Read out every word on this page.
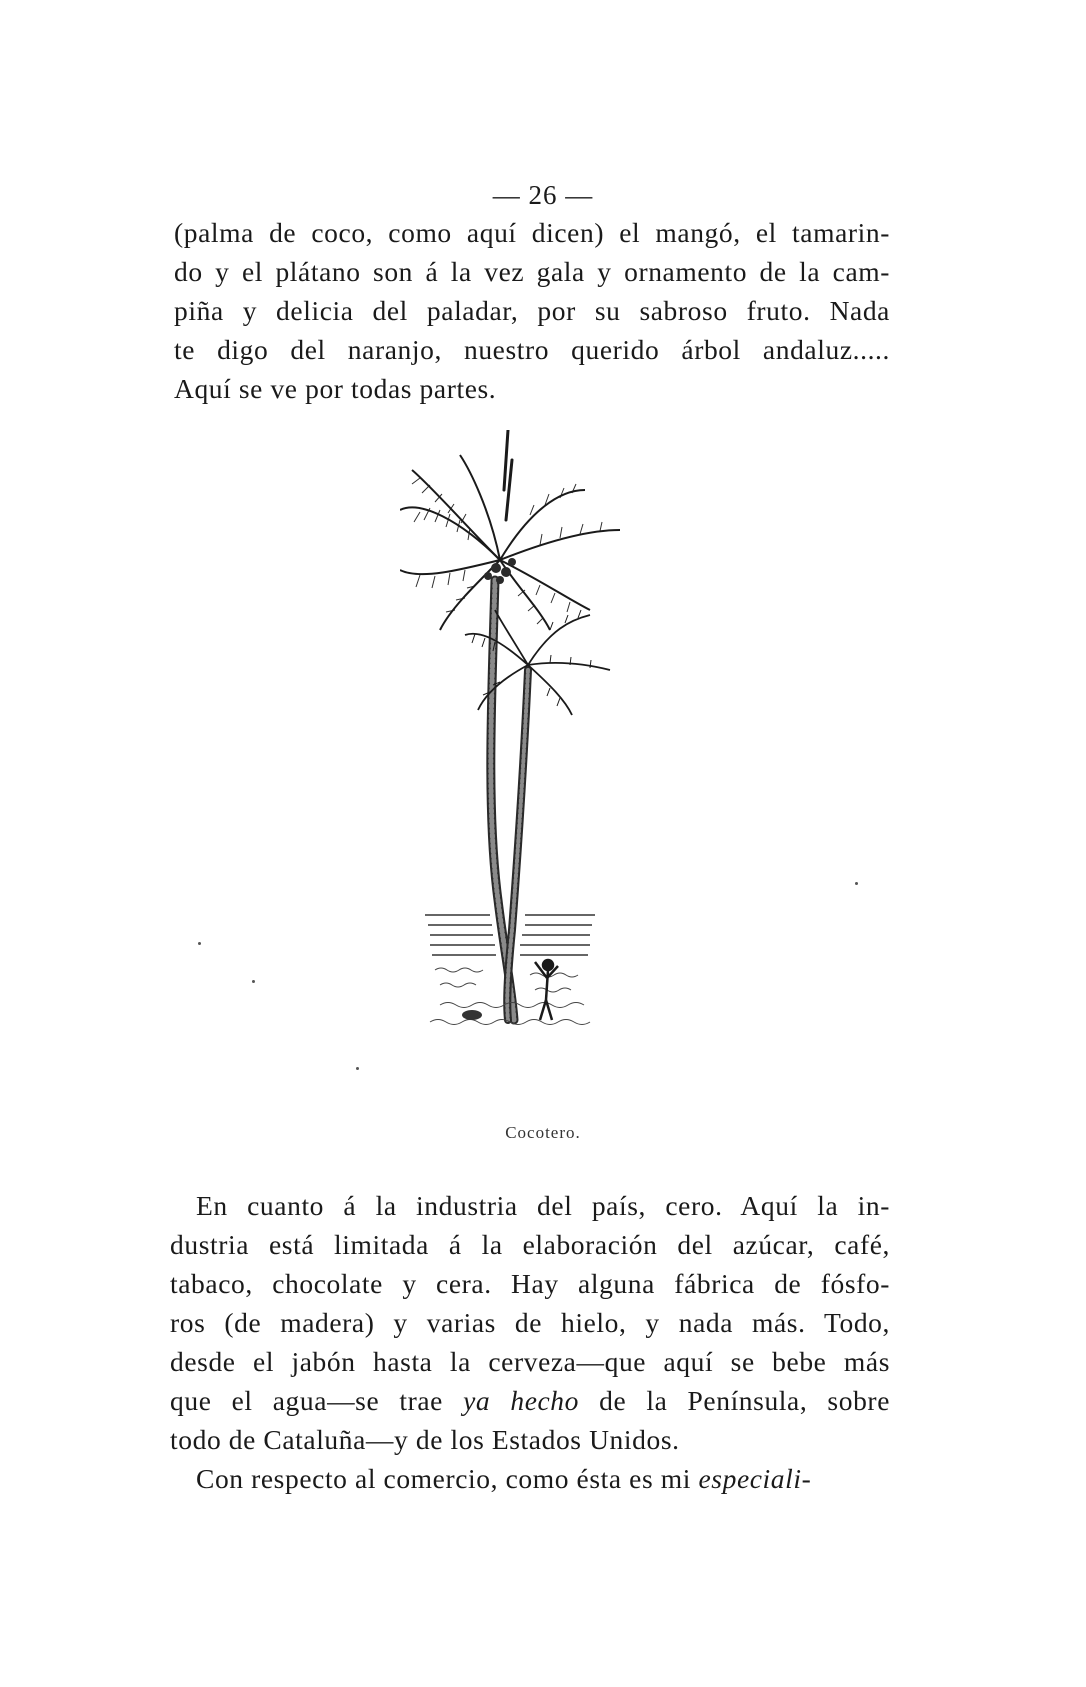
— 26 —
(palma de coco, como aquí dicen) el mangó, el tamarin-
do y el plátano son á la vez gala y ornamento de la cam-
piña y delicia del paladar, por su sabroso fruto. Nada
te digo del naranjo, nuestro querido árbol andaluz.....
Aquí se ve por todas partes.
Cocotero.
En cuanto á la industria del país, cero. Aquí la in-
dustria está limitada á la elaboración del azúcar, café,
tabaco, chocolate y cera. Hay alguna fábrica de fósfo-
ros (de madera) y varias de hielo, y nada más. Todo,
desde el jabón hasta la cerveza—que aquí se bebe más
que el agua—se trae ya hecho de la Península, sobre
todo de Cataluña—y de los Estados Unidos.
Con respecto al comercio, como ésta es mi especiali-
